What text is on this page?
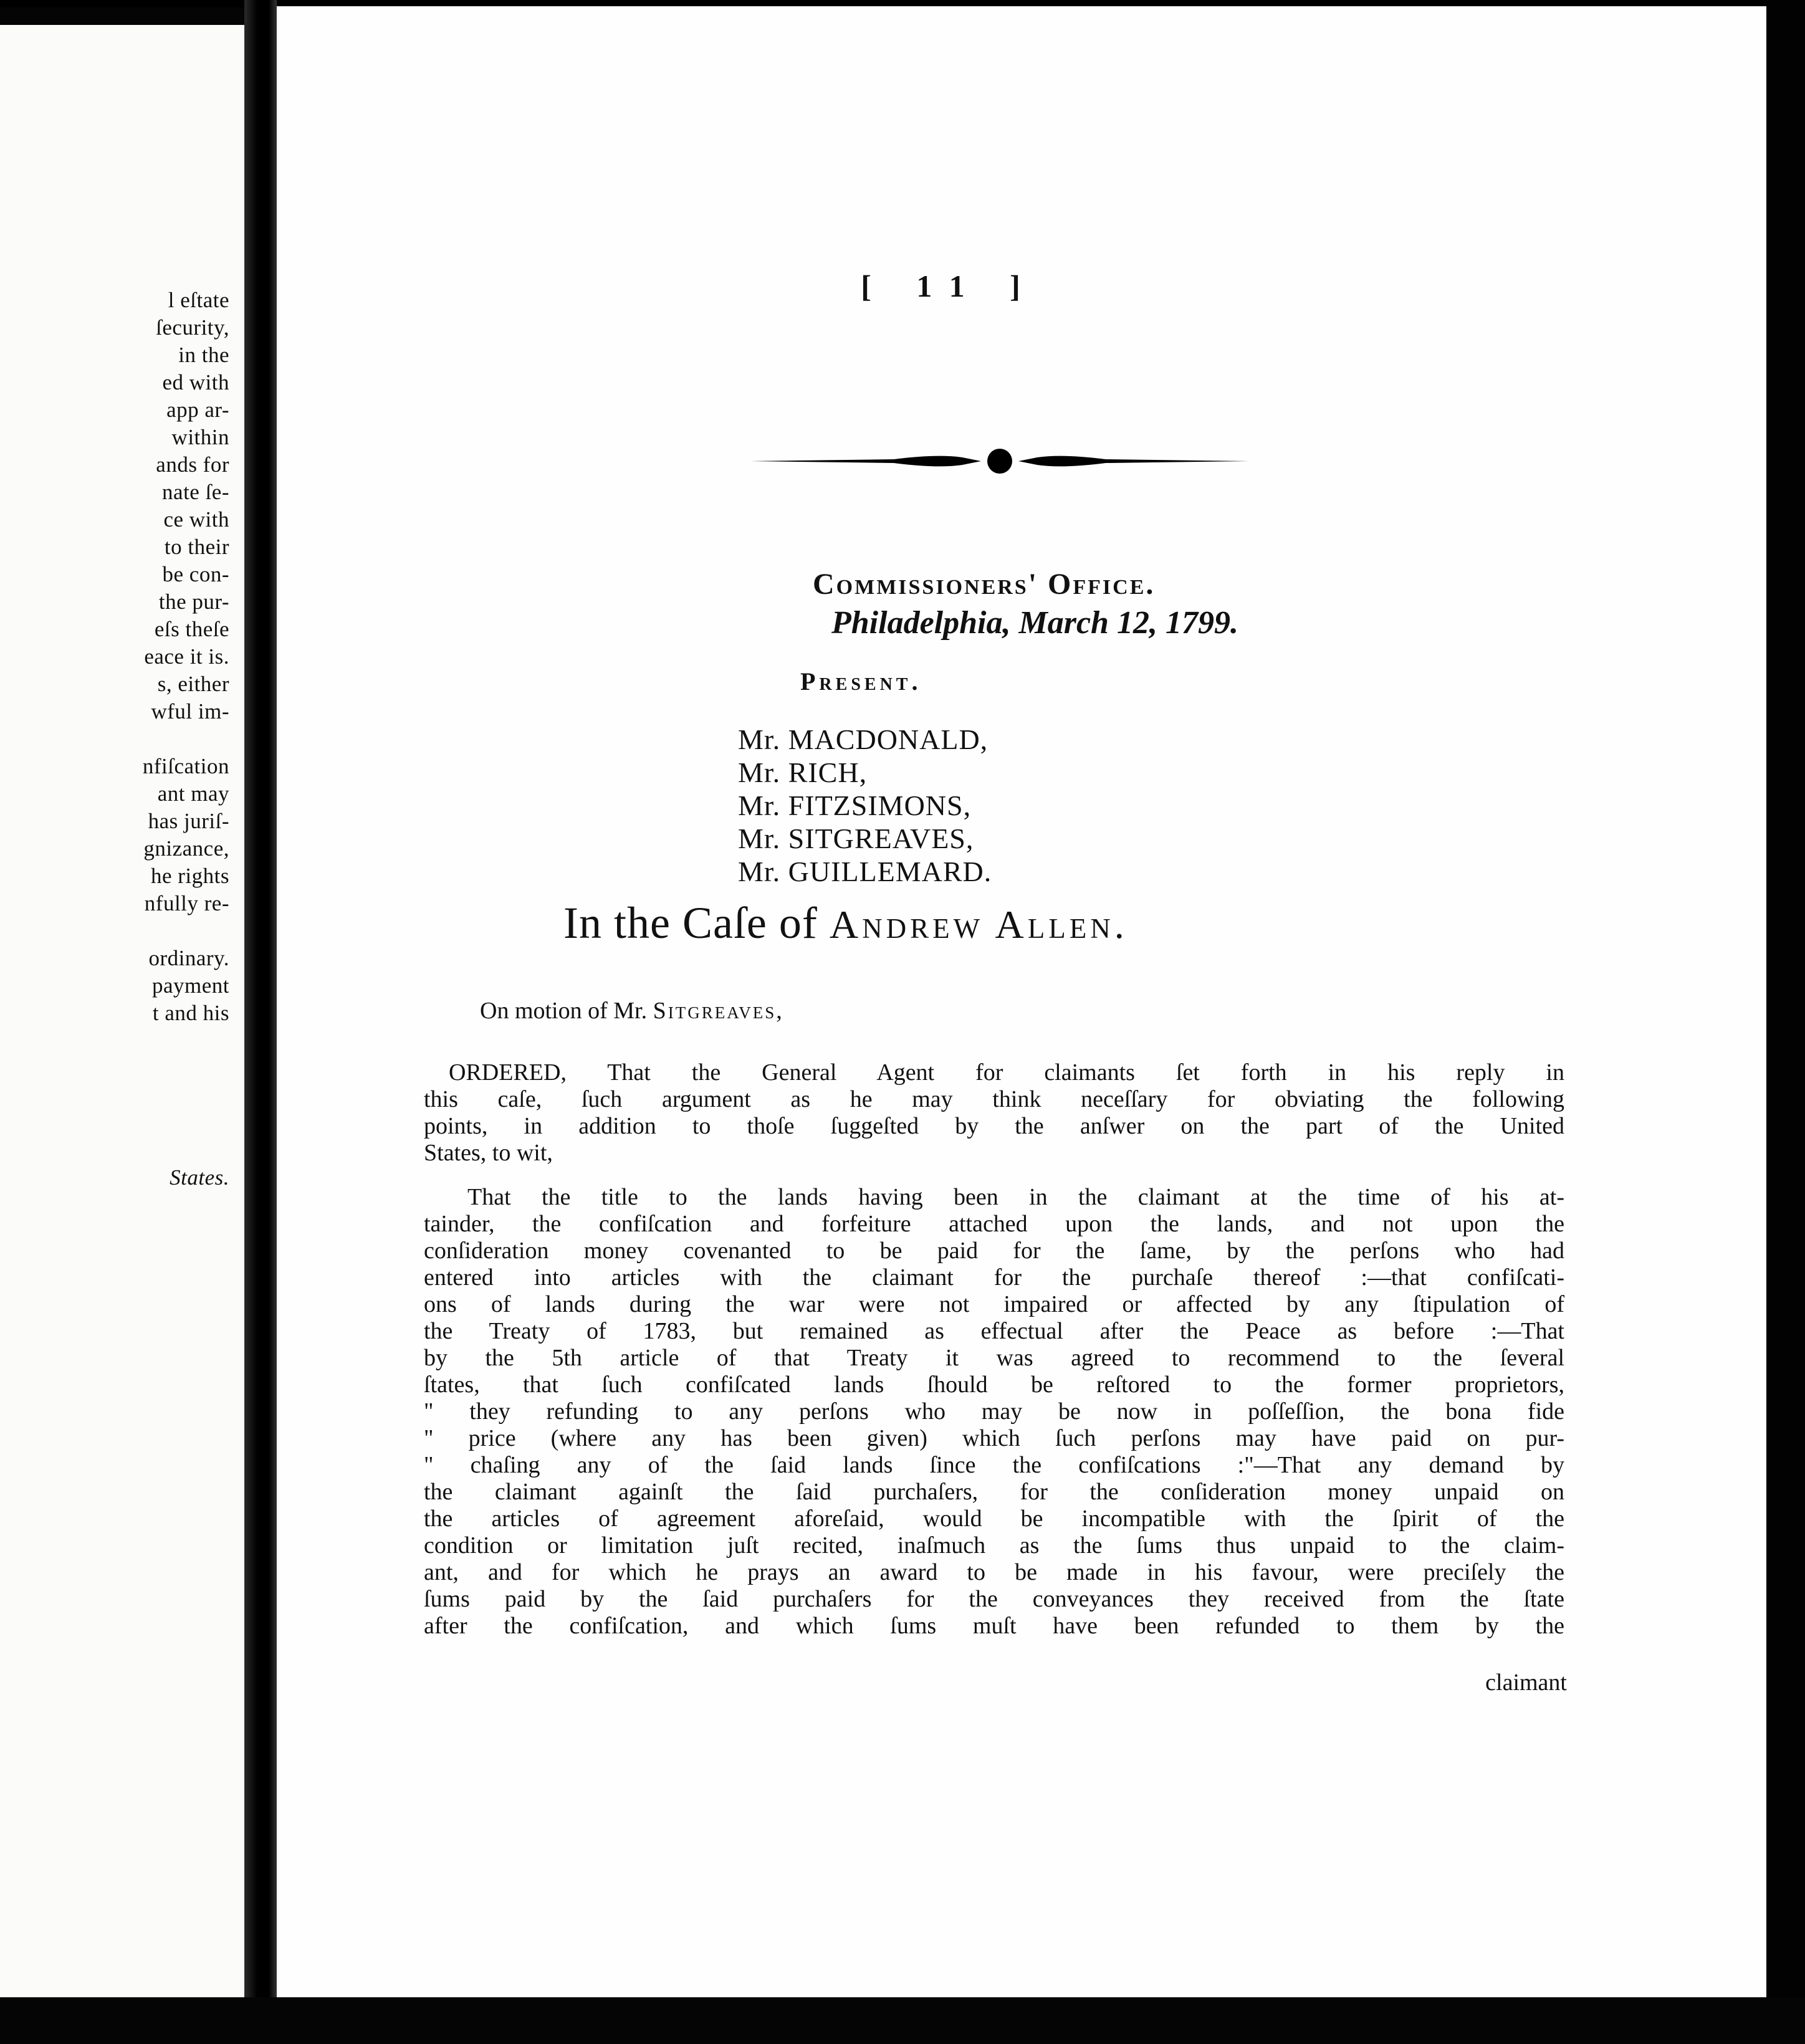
l eſtate
ſecurity,
in the
ed with
app ar-
within
ands for
nate ſe-
ce with
to their
be con-
the pur-
eſs theſe
eace it is.
s, either
wful im-
nfiſcation
ant may
has juriſ-
gnizance,
he rights
nfully re-
ordinary.
payment
t and his
States.
[ 11 ]
Commissioners' Office.
Philadelphia, March 12, 1799.
Present.
Mr. MACDONALD,
Mr. RICH,
Mr. FITZSIMONS,
Mr. SITGREAVES,
Mr. GUILLEMARD.
In the Caſe of Andrew Allen.
On motion of Mr. Sitgreaves,
ORDERED, That the General Agent for claimants ſet forth in his reply in
this caſe, ſuch argument as he may think neceſſary for obviating the following
points, in addition to thoſe ſuggeſted by the anſwer on the part of the United
States, to wit,
That the title to the lands having been in the claimant at the time of his at-
tainder, the confiſcation and forfeiture attached upon the lands, and not upon the
conſideration money covenanted to be paid for the ſame, by the perſons who had
entered into articles with the claimant for the purchaſe thereof :—that confiſcati-
ons of lands during the war were not impaired or affected by any ſtipulation of
the Treaty of 1783, but remained as effectual after the Peace as before :—That
by the 5th article of that Treaty it was agreed to recommend to the ſeveral
ſtates, that ſuch confiſcated lands ſhould be reſtored to the former proprietors,
" they refunding to any perſons who may be now in poſſeſſion, the bona fide
" price (where any has been given) which ſuch perſons may have paid on pur-
" chaſing any of the ſaid lands ſince the confiſcations :"—That any demand by
the claimant againſt the ſaid purchaſers, for the conſideration money unpaid on
the articles of agreement aforeſaid, would be incompatible with the ſpirit of the
condition or limitation juſt recited, inaſmuch as the ſums thus unpaid to the claim-
ant, and for which he prays an award to be made in his favour, were preciſely the
ſums paid by the ſaid purchaſers for the conveyances they received from the ſtate
after the confiſcation, and which ſums muſt have been refunded to them by the
claimant
